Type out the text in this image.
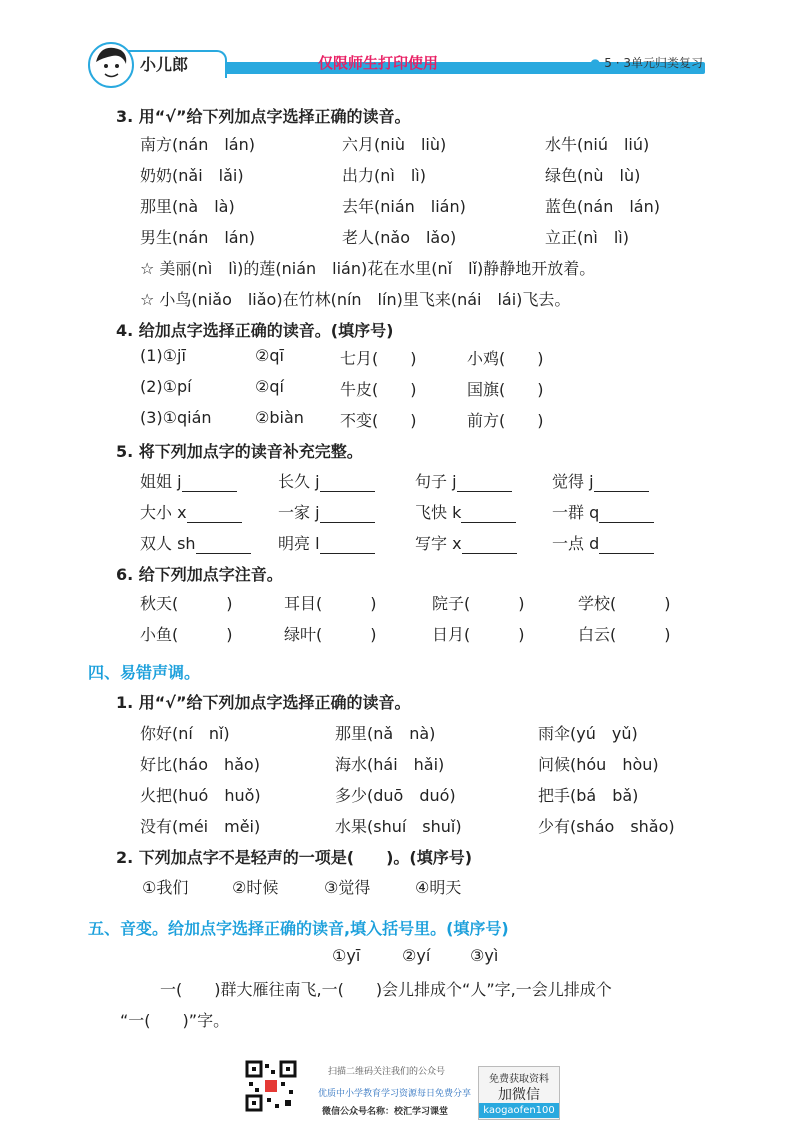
小儿郎	仅限师生打印使用	● 5 · 3单元归类复习
3. 用“√”给下列加点字选择正确的读音。
南方(nán　lán)	六月(niù　liù)	水牛(niú　liú)
奶奶(nǎi　lǎi)	出力(nì　lì)	绿色(nù　lù)
那里(nà　là)	去年(nián　lián)	蓝色(nán　lán)
男生(nán　lán)	老人(nǎo　lǎo)	立正(nì　lì)
☆ 美丽(nì　lì)的莲(nián　lián)花在水里(nǐ　lǐ)静静地开放着。
☆ 小鸟(niǎo　liǎo)在竹林(nín　lín)里飞来(nái　lái)飞去。
4. 给加点字选择正确的读音。(填序号)
(1)①jī	②qī	七月(　　)	小鸡(　　)
(2)①pí	②qí	牛皮(　　)	国旗(　　)
(3)①qián	②biàn 不变(　　)	前方(　　)
5. 将下列加点字的读音补充完整。
姐姐 j	长久 j	句子 j	觉得 j
大小 x	一家 j	飞快 k	一群 q
双人 sh	明亮 l	写字 x	一点 d
6. 给下列加点字注音。
秋天(　　　)	耳目(　　　)	院子(　　　)	学校(　　　)
小鱼(　　　)	绿叶(　　　)	日月(　　　)	白云(　　　)
四、易错声调。
1. 用“√”给下列加点字选择正确的读音。
你好(ní　nǐ)	那里(nǎ　nà)	雨伞(yú　yǔ)
好比(háo　hǎo)	海水(hái　hǎi)	问候(hóu　hòu)
火把(huó　huǒ)	多少(duō　duó)	把手(bá　bǎ)
没有(méi　měi)	水果(shuí　shuǐ)	少有(sháo　shǎo)
2. 下列加点字不是轻声的一项是(　　)。(填序号)
①我们	②时候	③觉得	④明天
五、音变。给加点字选择正确的读音,填入括号里。(填序号)
①yī	②yí ③yì
一(　　)群大雁往南飞,一(　　)会儿排成个“人”字,一会儿排成个
“一(　　)”字。
扫描二维码关注我们的公众号
优质中小学教育学习资源每日免费分享
微信公众号名称：校汇学习课堂
免费获取资料
加微信
kaogaofen100
